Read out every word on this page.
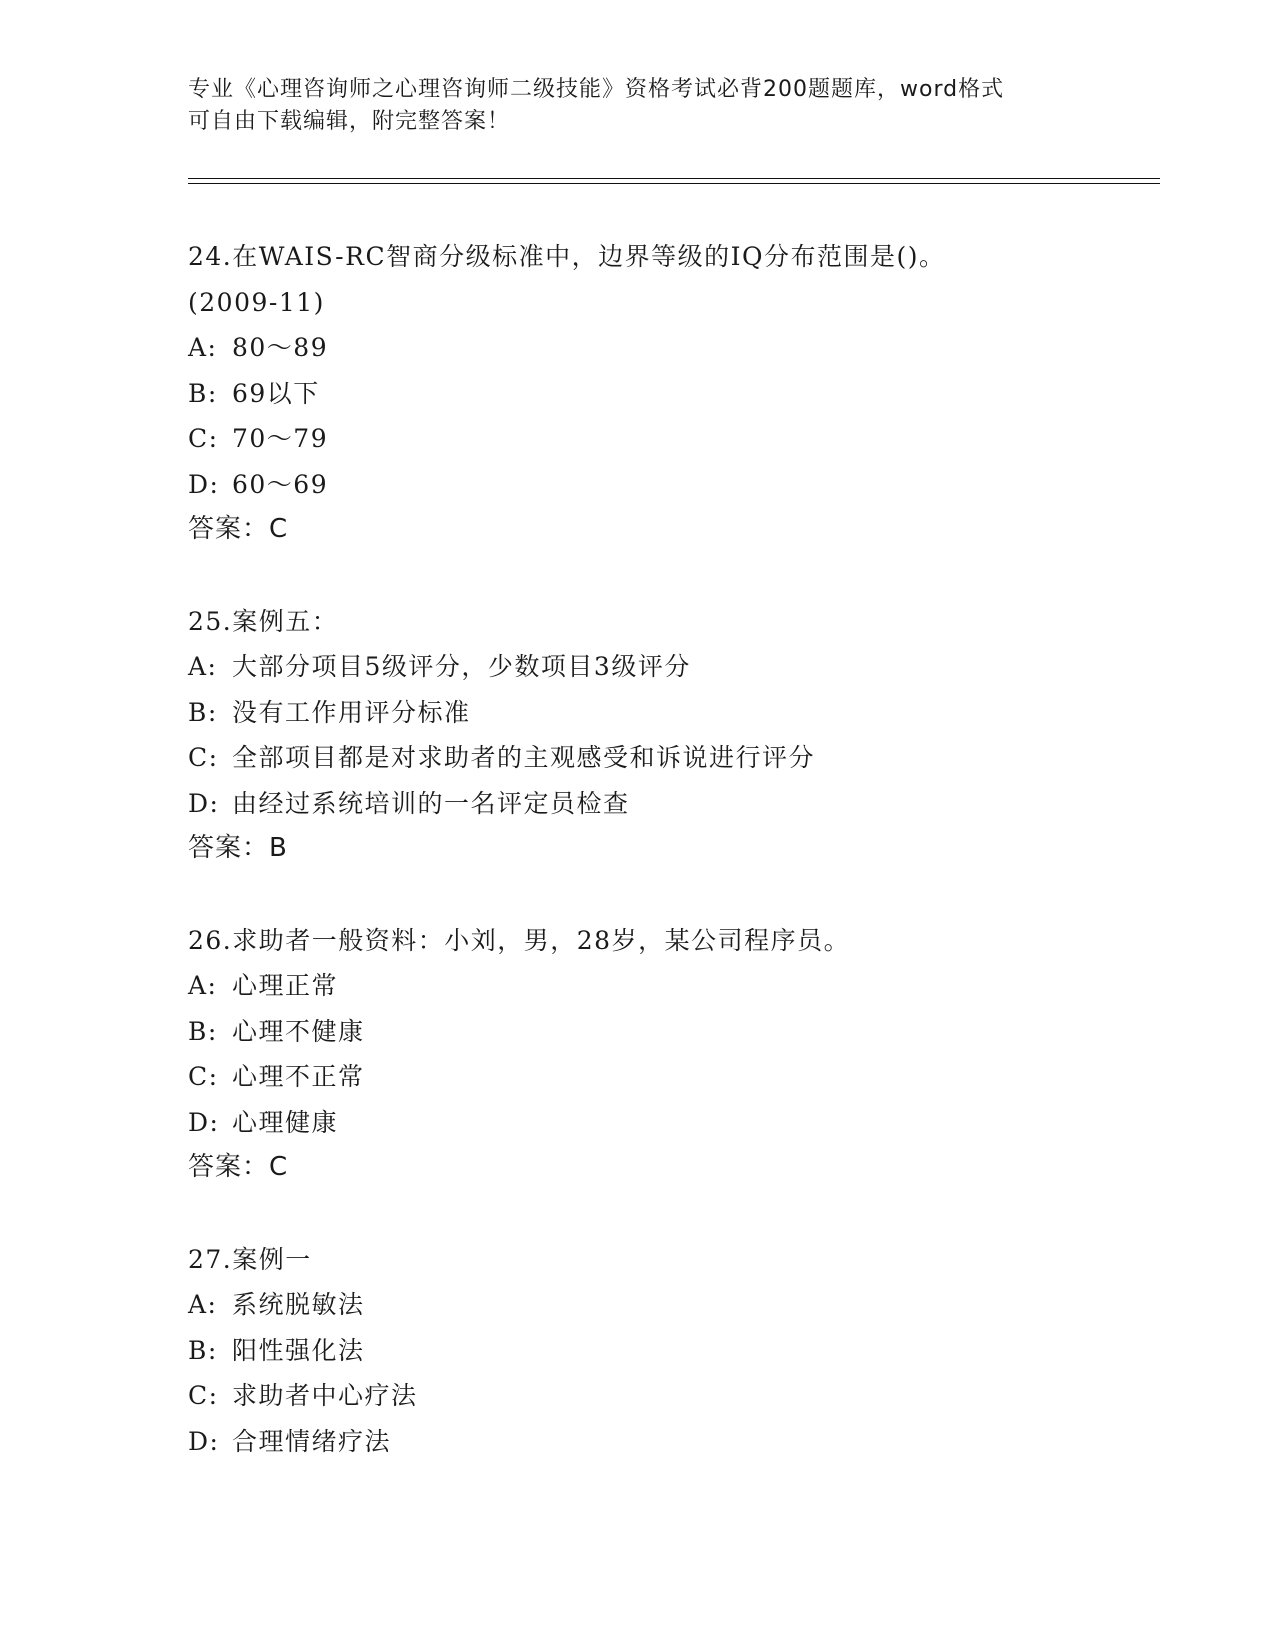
专业《心理咨询师之心理咨询师二级技能》资格考试必背200题题库，word格式
可自由下载编辑，附完整答案！
24.在WAIS-RC智商分级标准中，边界等级的IQ分布范围是()。
(2009-11)
A: 80～89
B: 69以下
C: 70～79
D: 60～69
答案：C
25.案例五：
A: 大部分项目5级评分，少数项目3级评分
B: 没有工作用评分标准
C: 全部项目都是对求助者的主观感受和诉说进行评分
D: 由经过系统培训的一名评定员检查
答案：B
26.求助者一般资料：小刘，男，28岁，某公司程序员。
A: 心理正常
B: 心理不健康
C: 心理不正常
D: 心理健康
答案：C
27.案例一
A: 系统脱敏法
B: 阳性强化法
C: 求助者中心疗法
D: 合理情绪疗法
